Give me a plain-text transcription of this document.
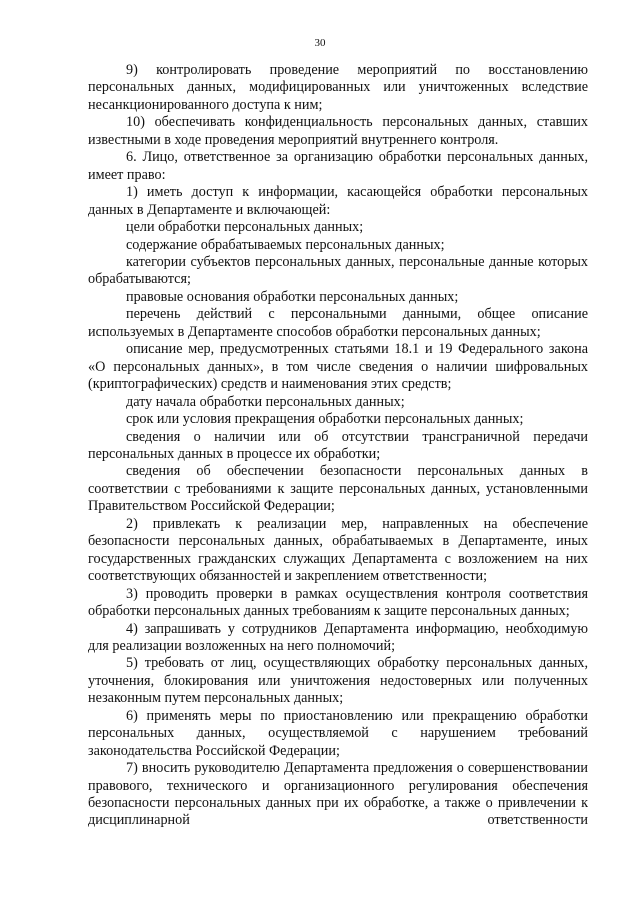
30

9) контролировать проведение мероприятий по восстановлению персональных данных, модифицированных или уничтоженных вследствие несанкционированного доступа к ним;

10) обеспечивать конфиденциальность персональных данных, ставших известными в ходе проведения мероприятий внутреннего контроля.

6. Лицо, ответственное за организацию обработки персональных данных, имеет право:

1) иметь доступ к информации, касающейся обработки персональных данных в Департаменте и включающей:

цели обработки персональных данных;

содержание обрабатываемых персональных данных;

категории субъектов персональных данных, персональные данные которых обрабатываются;

правовые основания обработки персональных данных;

перечень действий с персональными данными, общее описание используемых в Департаменте способов обработки персональных данных;

описание мер, предусмотренных статьями 18.1 и 19 Федерального закона «О персональных данных», в том числе сведения о наличии шифровальных (криптографических) средств и наименования этих средств;

дату начала обработки персональных данных;

срок или условия прекращения обработки персональных данных;

сведения о наличии или об отсутствии трансграничной передачи персональных данных в процессе их обработки;

сведения об обеспечении безопасности персональных данных в соответствии с требованиями к защите персональных данных, установленными Правительством Российской Федерации;

2) привлекать к реализации мер, направленных на обеспечение безопасности персональных данных, обрабатываемых в Департаменте, иных государственных гражданских служащих Департамента с возложением на них соответствующих обязанностей и закреплением ответственности;

3) проводить проверки в рамках осуществления контроля соответствия обработки персональных данных требованиям к защите персональных данных;

4) запрашивать у сотрудников Департамента информацию, необходимую для реализации возложенных на него полномочий;

5) требовать от лиц, осуществляющих обработку персональных данных, уточнения, блокирования или уничтожения недостоверных или полученных незаконным путем персональных данных;

6) применять меры по приостановлению или прекращению обработки персональных данных, осуществляемой с нарушением требований законодательства Российской Федерации;

7) вносить руководителю Департамента предложения о совершенствовании правового, технического и организационного регулирования обеспечения безопасности персональных данных при их обработке, а также о привлечении к дисциплинарной ответственности
